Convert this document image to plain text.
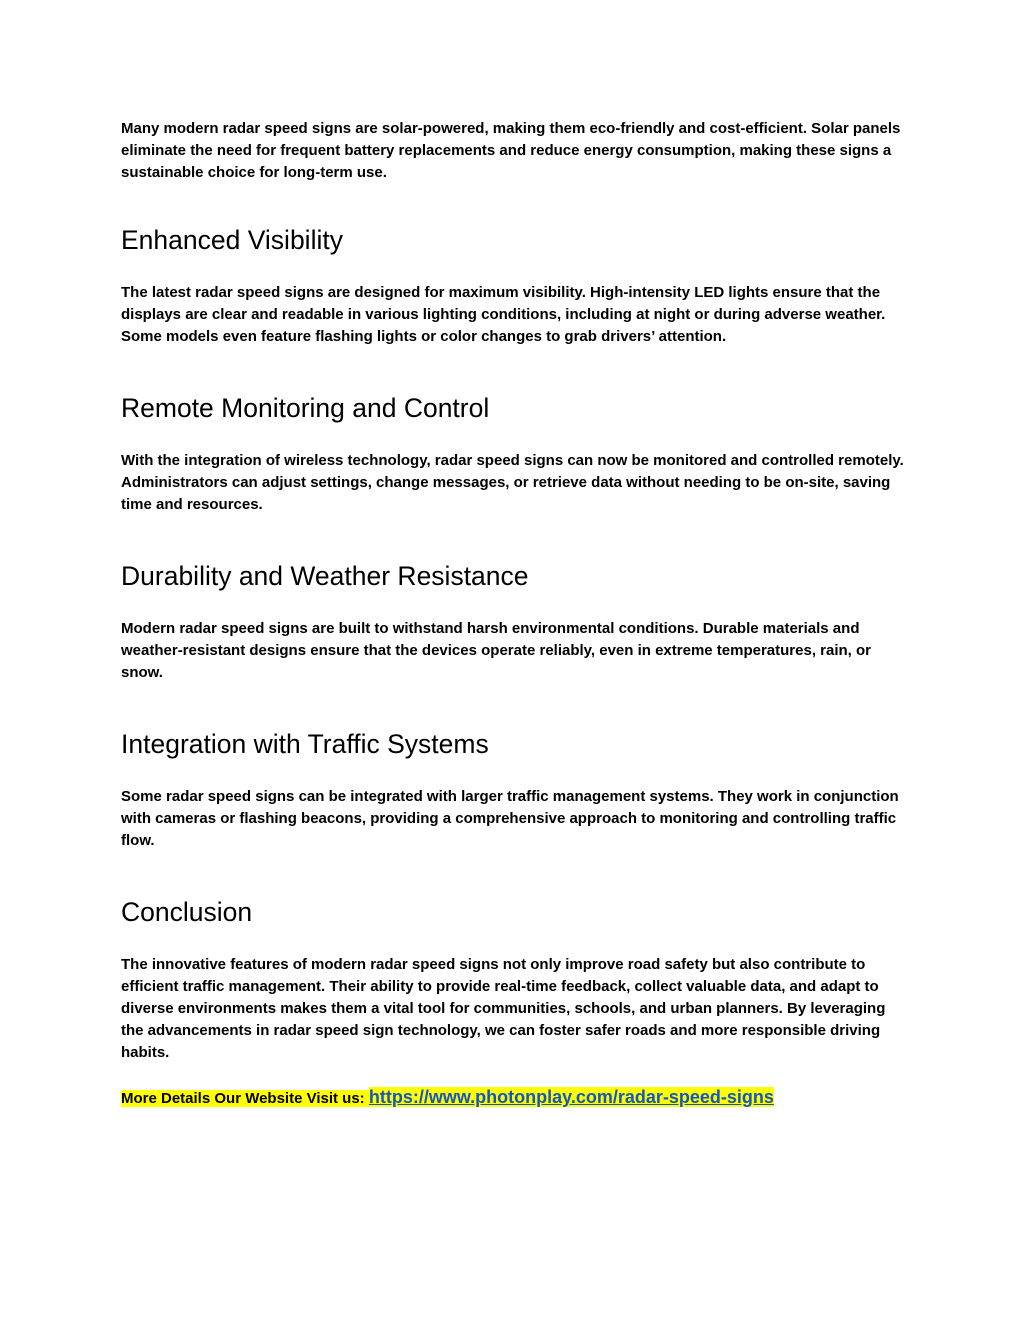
Many modern radar speed signs are solar-powered, making them eco-friendly and cost-efficient. Solar panels eliminate the need for frequent battery replacements and reduce energy consumption, making these signs a sustainable choice for long-term use.

Enhanced Visibility

The latest radar speed signs are designed for maximum visibility. High-intensity LED lights ensure that the displays are clear and readable in various lighting conditions, including at night or during adverse weather. Some models even feature flashing lights or color changes to grab drivers’ attention.

Remote Monitoring and Control

With the integration of wireless technology, radar speed signs can now be monitored and controlled remotely. Administrators can adjust settings, change messages, or retrieve data without needing to be on-site, saving time and resources.

Durability and Weather Resistance

Modern radar speed signs are built to withstand harsh environmental conditions. Durable materials and weather-resistant designs ensure that the devices operate reliably, even in extreme temperatures, rain, or snow.

Integration with Traffic Systems

Some radar speed signs can be integrated with larger traffic management systems. They work in conjunction with cameras or flashing beacons, providing a comprehensive approach to monitoring and controlling traffic flow.

Conclusion

The innovative features of modern radar speed signs not only improve road safety but also contribute to efficient traffic management. Their ability to provide real-time feedback, collect valuable data, and adapt to diverse environments makes them a vital tool for communities, schools, and urban planners. By leveraging the advancements in radar speed sign technology, we can foster safer roads and more responsible driving habits.

More Details Our Website Visit us: https://www.photonplay.com/radar-speed-signs
